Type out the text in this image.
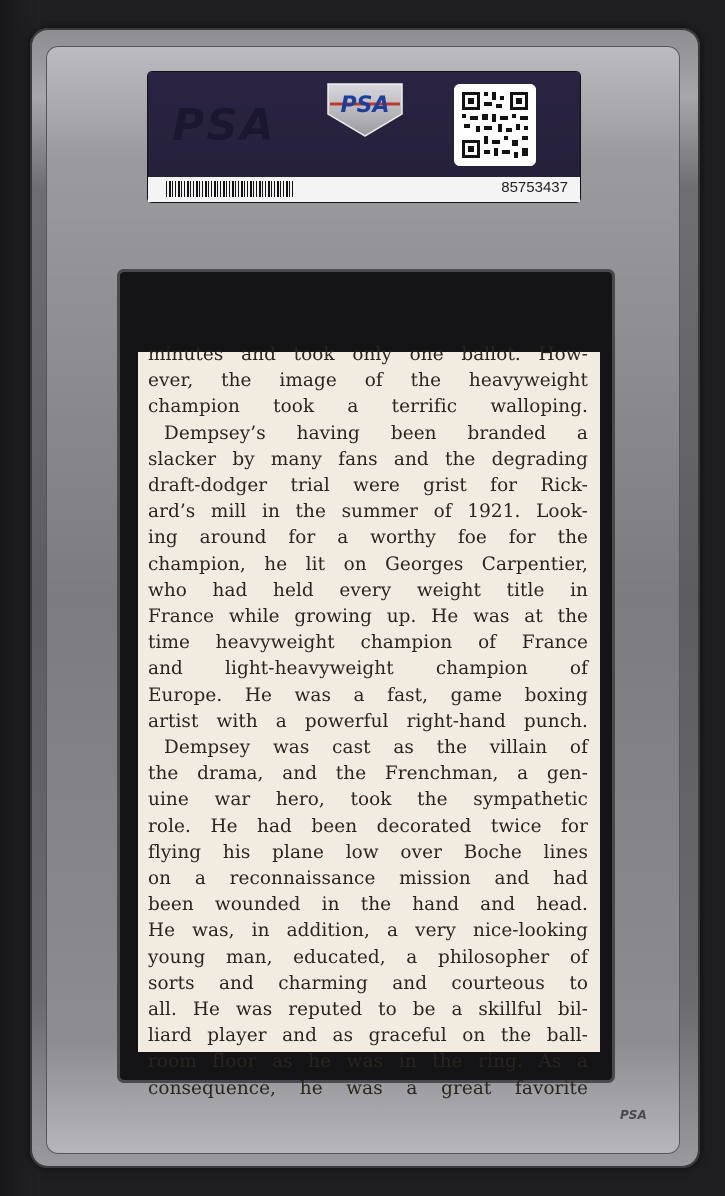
PSA	PSA
85753437
minutes and took only one ballot. How-
ever, the image of the heavyweight
champion took a terrific walloping.
Dempsey’s having been branded a
slacker by many fans and the degrading
draft-dodger trial were grist for Rick-
ard’s mill in the summer of 1921. Look-
ing around for a worthy foe for the
champion, he lit on Georges Carpentier,
who had held every weight title in
France while growing up. He was at the
time heavyweight champion of France
and light-heavyweight champion of
Europe. He was a fast, game boxing
artist with a powerful right-hand punch.
Dempsey was cast as the villain of
the drama, and the Frenchman, a gen-
uine war hero, took the sympathetic
role. He had been decorated twice for
flying his plane low over Boche lines
on a reconnaissance mission and had
been wounded in the hand and head.
He was, in addition, a very nice-looking
young man, educated, a philosopher of
sorts and charming and courteous to
all. He was reputed to be a skillful bil-
liard player and as graceful on the ball-
room floor as he was in the ring. As a
consequence, he was a great favorite
PSA
